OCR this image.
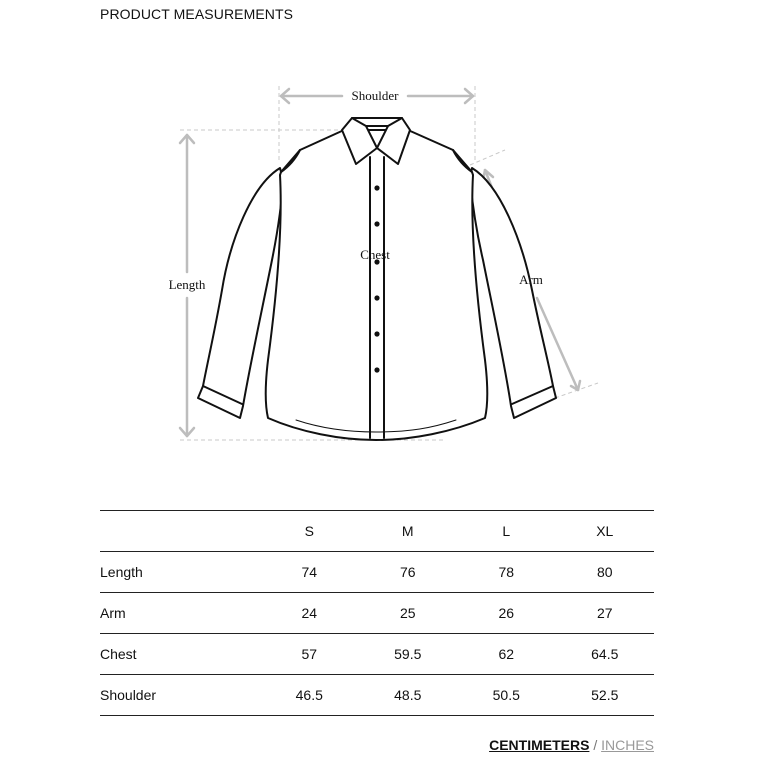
PRODUCT MEASUREMENTS
Shoulder
Chest
Length	Arm
	S	M	L	XL
Length	74	76	78	80
Arm	24	25	26	27
Chest	57	59.5	62	64.5
Shoulder	46.5	48.5	50.5	52.5
CENTIMETERS / INCHES
